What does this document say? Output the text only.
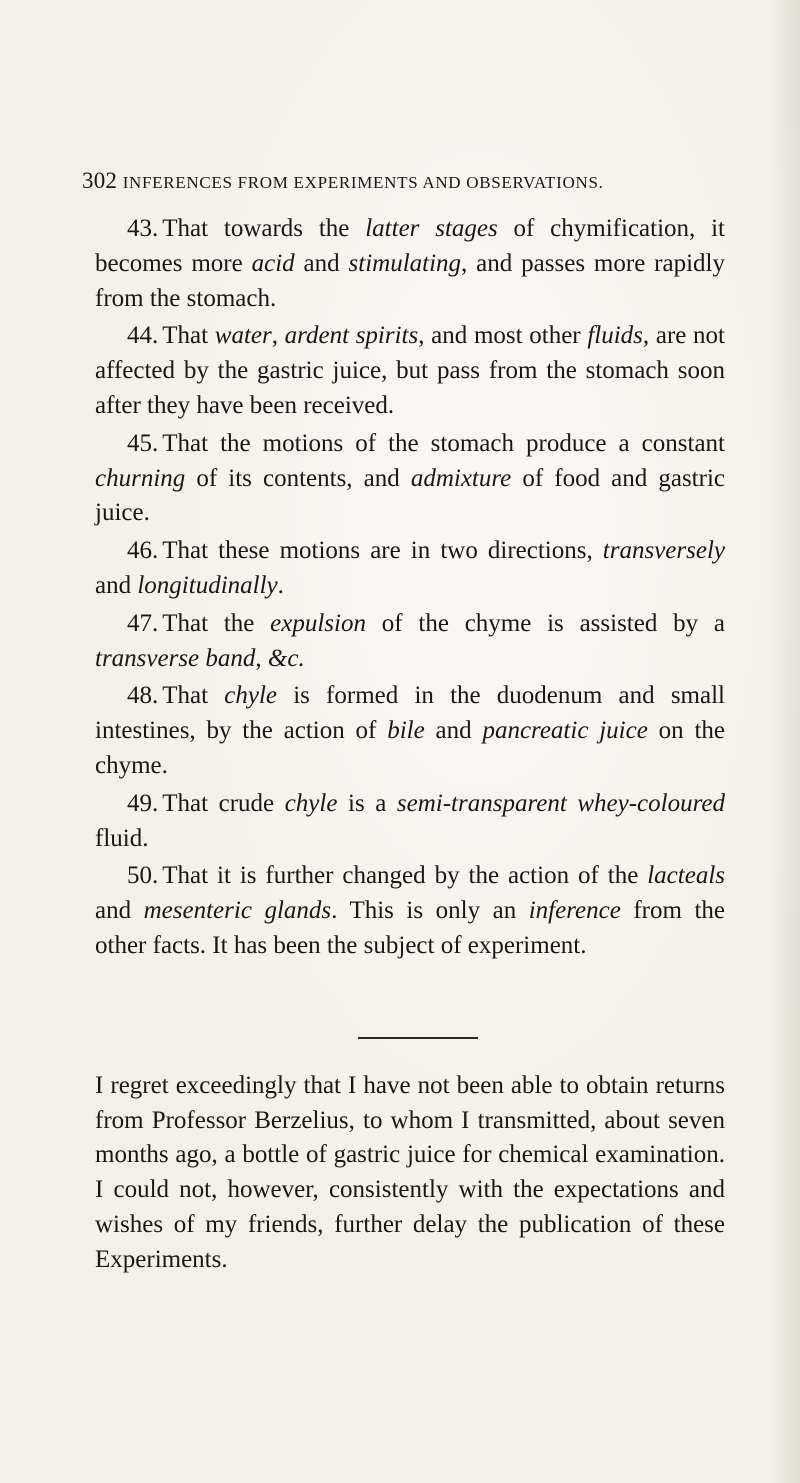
302 INFERENCES FROM EXPERIMENTS AND OBSERVATIONS.

43. That towards the latter stages of chymification, it becomes more acid and stimulating, and passes more rapidly from the stomach.

44. That water, ardent spirits, and most other fluids, are not affected by the gastric juice, but pass from the stomach soon after they have been received.

45. That the motions of the stomach produce a constant churning of its contents, and admixture of food and gastric juice.

46. That these motions are in two directions, transversely and longitudinally.

47. That the expulsion of the chyme is assisted by a transverse band, &c.

48. That chyle is formed in the duodenum and small intestines, by the action of bile and pancreatic juice on the chyme.

49. That crude chyle is a semi-transparent whey-coloured fluid.

50. That it is further changed by the action of the lacteals and mesenteric glands. This is only an inference from the other facts. It has been the subject of experiment.

I regret exceedingly that I have not been able to obtain returns from Professor Berzelius, to whom I transmitted, about seven months ago, a bottle of gastric juice for chemical examination. I could not, however, consistently with the expectations and wishes of my friends, further delay the publication of these Experiments.
